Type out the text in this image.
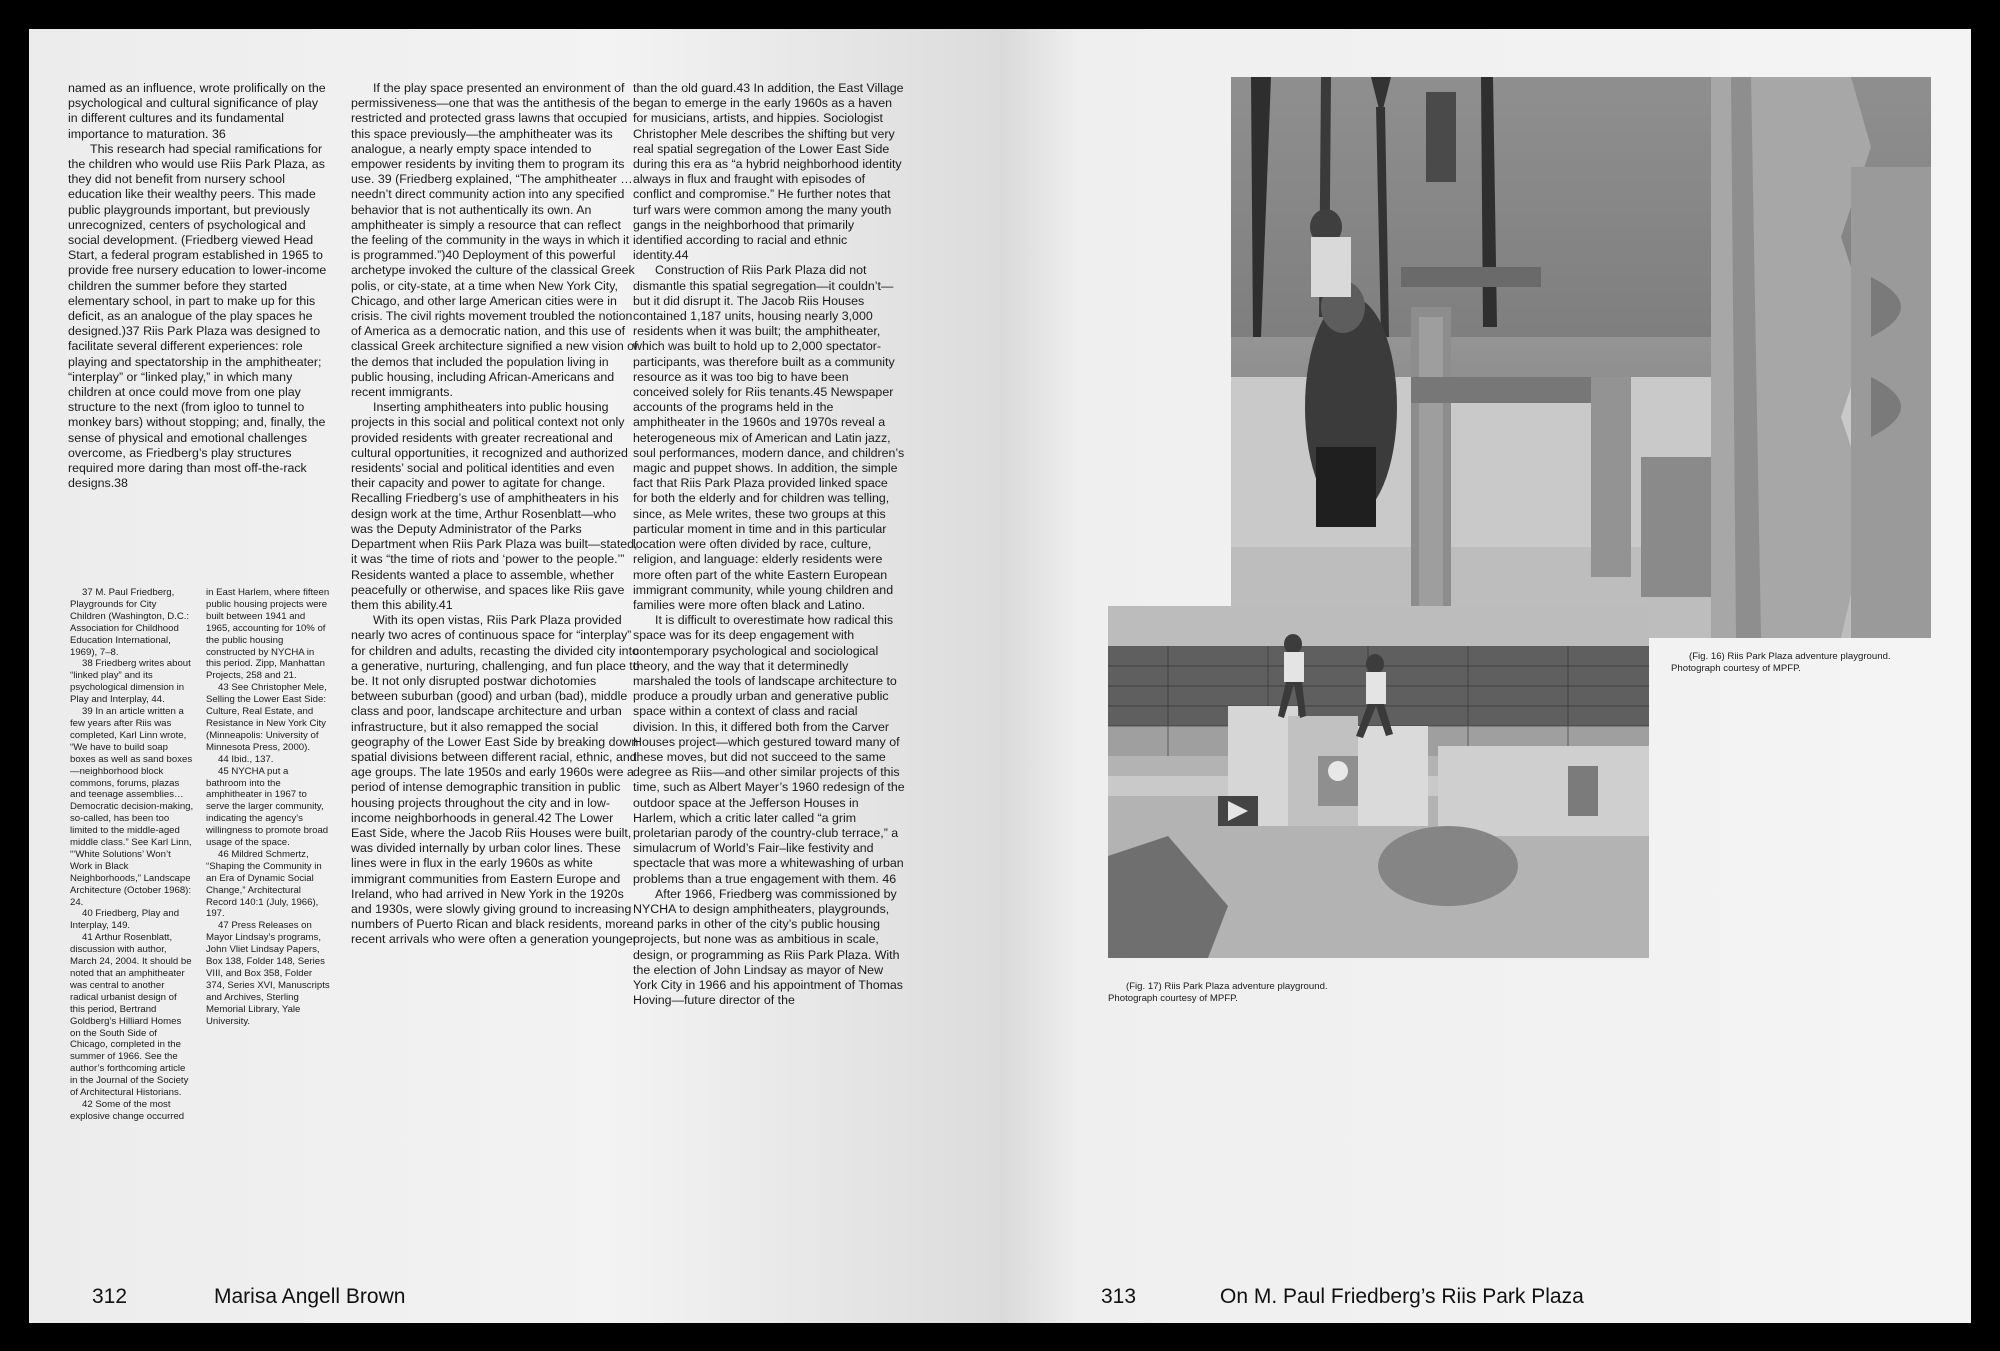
named as an influence, wrote prolifically on the psychological and cultural significance of play in different cultures and its fundamental importance to maturation. 36

This research had special ramifications for the children who would use Riis Park Plaza, as they did not benefit from nursery school education like their wealthy peers. This made public playgrounds important, but previously unrecognized, centers of psychological and social development. (Friedberg viewed Head Start, a federal program established in 1965 to provide free nursery education to lower-income children the summer before they started elementary school, in part to make up for this deficit, as an analogue of the play spaces he designed.)37 Riis Park Plaza was designed to facilitate several different experiences: role playing and spectatorship in the amphitheater; “interplay” or “linked play,” in which many children at once could move from one play structure to the next (from igloo to tunnel to monkey bars) without stopping; and, finally, the sense of physical and emotional challenges overcome, as Friedberg’s play structures required more daring than most off-the-rack designs.38

37 M. Paul Friedberg, Playgrounds for City Children (Washington, D.C.: Association for Childhood Education International, 1969), 7–8.

38 Friedberg writes about “linked play” and its psychological dimension in Play and Interplay, 44.

39 In an article written a few years after Riis was completed, Karl Linn wrote, “We have to build soap boxes as well as sand boxes—neighborhood block commons, forums, plazas and teenage assemblies… Democratic decision-making, so-called, has been too limited to the middle-aged middle class.” See Karl Linn, “‘White Solutions’ Won’t Work in Black Neighborhoods,” Landscape Architecture (October 1968): 24.

40 Friedberg, Play and Interplay, 149.

41 Arthur Rosenblatt, discussion with author, March 24, 2004. It should be noted that an amphitheater was central to another radical urbanist design of this period, Bertrand Goldberg’s Hilliard Homes on the South Side of Chicago, completed in the summer of 1966. See the author’s forthcoming article in the Journal of the Society of Architectural Historians.

42 Some of the most explosive change occurred

in East Harlem, where fifteen public housing projects were built between 1941 and 1965, accounting for 10% of the public housing constructed by NYCHA in this period. Zipp, Manhattan Projects, 258 and 21.

43 See Christopher Mele, Selling the Lower East Side: Culture, Real Estate, and Resistance in New York City (Minneapolis: University of Minnesota Press, 2000).

44 Ibid., 137.

45 NYCHA put a bathroom into the amphitheater in 1967 to serve the larger community, indicating the agency’s willingness to promote broad usage of the space.

46 Mildred Schmertz, “Shaping the Community in an Era of Dynamic Social Change,” Architectural Record 140:1 (July, 1966), 197.

47 Press Releases on Mayor Lindsay’s programs, John Vliet Lindsay Papers, Box 138, Folder 148, Series VIII, and Box 358, Folder 374, Series XVI, Manuscripts and Archives, Sterling Memorial Library, Yale University.

If the play space presented an environment of permissiveness—one that was the antithesis of the restricted and protected grass lawns that occupied this space previously—the amphitheater was its analogue, a nearly empty space intended to empower residents by inviting them to program its use. 39 (Friedberg explained, “The amphitheater … needn’t direct community action into any specified behavior that is not authentically its own. An amphitheater is simply a resource that can reflect the feeling of the community in the ways in which it is programmed.”)40 Deployment of this powerful archetype invoked the culture of the classical Greek polis, or city-state, at a time when New York City, Chicago, and other large American cities were in crisis. The civil rights movement troubled the notion of America as a democratic nation, and this use of classical Greek architecture signified a new vision of the demos that included the population living in public housing, including African-Americans and recent immigrants.

Inserting amphitheaters into public housing projects in this social and political context not only provided residents with greater recreational and cultural opportunities, it recognized and authorized residents’ social and political identities and even their capacity and power to agitate for change. Recalling Friedberg’s use of amphitheaters in his design work at the time, Arthur Rosenblatt—who was the Deputy Administrator of the Parks Department when Riis Park Plaza was built—stated, it was “the time of riots and ‘power to the people.’” Residents wanted a place to assemble, whether peacefully or otherwise, and spaces like Riis gave them this ability.41

With its open vistas, Riis Park Plaza provided nearly two acres of continuous space for “interplay” for children and adults, recasting the divided city into a generative, nurturing, challenging, and fun place to be. It not only disrupted postwar dichotomies between suburban (good) and urban (bad), middle class and poor, landscape architecture and urban infrastructure, but it also remapped the social geography of the Lower East Side by breaking down spatial divisions between different racial, ethnic, and age groups. The late 1950s and early 1960s were a period of intense demographic transition in public housing projects throughout the city and in low-income neighborhoods in general.42 The Lower East Side, where the Jacob Riis Houses were built, was divided internally by urban color lines. These lines were in flux in the early 1960s as white immigrant communities from Eastern Europe and Ireland, who had arrived in New York in the 1920s and 1930s, were slowly giving ground to increasing numbers of Puerto Rican and black residents, more recent arrivals who were often a generation younger

than the old guard.43 In addition, the East Village began to emerge in the early 1960s as a haven for musicians, artists, and hippies. Sociologist Christopher Mele describes the shifting but very real spatial segregation of the Lower East Side during this era as “a hybrid neighborhood identity always in flux and fraught with episodes of conflict and compromise.” He further notes that turf wars were common among the many youth gangs in the neighborhood that primarily identified according to racial and ethnic identity.44

Construction of Riis Park Plaza did not dismantle this spatial segregation—it couldn’t—but it did disrupt it. The Jacob Riis Houses contained 1,187 units, housing nearly 3,000 residents when it was built; the amphitheater, which was built to hold up to 2,000 spectator-participants, was therefore built as a community resource as it was too big to have been conceived solely for Riis tenants.45 Newspaper accounts of the programs held in the amphitheater in the 1960s and 1970s reveal a heterogeneous mix of American and Latin jazz, soul performances, modern dance, and children’s magic and puppet shows. In addition, the simple fact that Riis Park Plaza provided linked space for both the elderly and for children was telling, since, as Mele writes, these two groups at this particular moment in time and in this particular location were often divided by race, culture, religion, and language: elderly residents were more often part of the white Eastern European immigrant community, while young children and families were more often black and Latino.

It is difficult to overestimate how radical this space was for its deep engagement with contemporary psychological and sociological theory, and the way that it determinedly marshaled the tools of landscape architecture to produce a proudly urban and generative public space within a context of class and racial division. In this, it differed both from the Carver Houses project—which gestured toward many of these moves, but did not succeed to the same degree as Riis—and other similar projects of this time, such as Albert Mayer’s 1960 redesign of the outdoor space at the Jefferson Houses in Harlem, which a critic later called “a grim proletarian parody of the country-club terrace,” a simulacrum of World’s Fair–like festivity and spectacle that was more a whitewashing of urban problems than a true engagement with them. 46

After 1966, Friedberg was commissioned by NYCHA to design amphitheaters, playgrounds, and parks in other of the city’s public housing projects, but none was as ambitious in scale, design, or programming as Riis Park Plaza. With the election of John Lindsay as mayor of New York City in 1966 and his appointment of Thomas Hoving—future director of the

312	Marisa Angell Brown

(Fig. 16) Riis Park Plaza adventure playground.

Photograph courtesy of MPFP.

(Fig. 17) Riis Park Plaza adventure playground.

Photograph courtesy of MPFP.

313	On M. Paul Friedberg’s Riis Park Plaza
